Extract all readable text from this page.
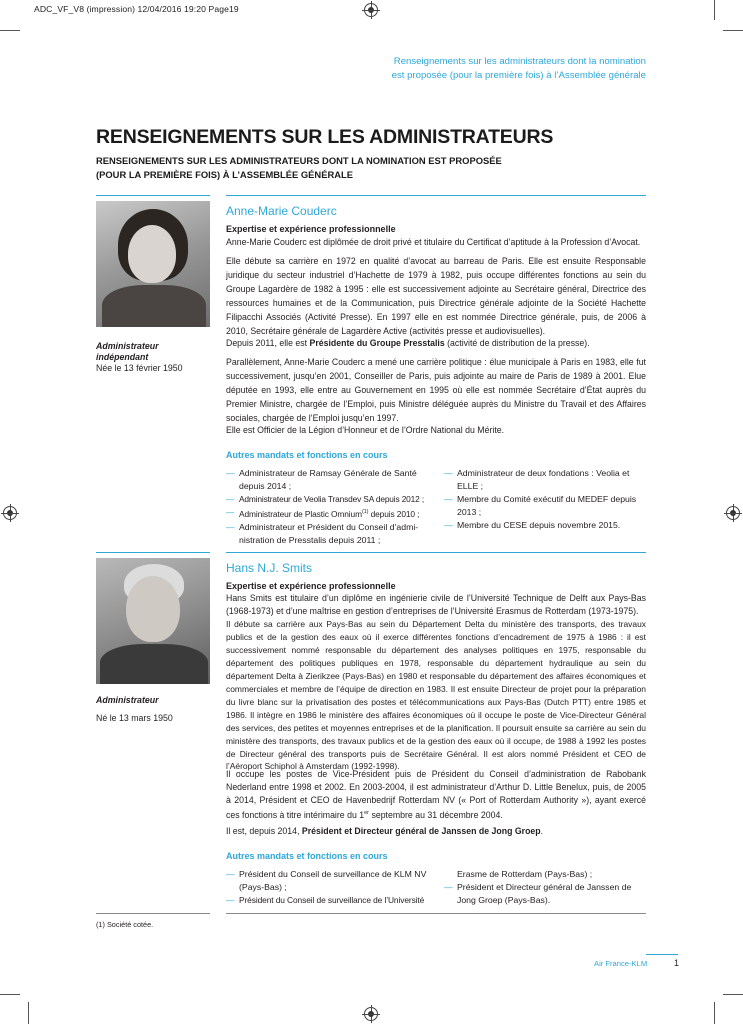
ADC_VF_V8 (impression) 12/04/2016 19:20 Page19
Renseignements sur les administrateurs dont la nomination
est proposée (pour la première fois) à l’Assemblée générale
RENSEIGNEMENTS SUR LES ADMINISTRATEURS
RENSEIGNEMENTS SUR LES ADMINISTRATEURS DONT LA NOMINATION EST PROPOSÉE
(POUR LA PREMIÈRE FOIS) À L’ASSEMBLÉE GÉNÉRALE
Administrateur
indépendant
Née le 13 février 1950
Anne-Marie Couderc
Expertise et expérience professionnelle
Anne-Marie Couderc est diplômée de droit privé et titulaire du Certificat d’aptitude à la Profession d’Avocat.
Elle débute sa carrière en 1972 en qualité d’avocat au barreau de Paris. Elle est ensuite Responsable juridique du secteur industriel d’Hachette de 1979 à 1982, puis occupe différentes fonctions au sein du Groupe Lagardère de 1982 à 1995 : elle est successivement adjointe au Secrétaire général, Directrice des ressources humaines et de la Communication, puis Directrice générale adjointe de la Société Hachette Filipacchi Associés (Activité Presse). En 1997 elle en est nommée Directrice générale, puis, de 2006 à 2010, Secrétaire générale de Lagardère Active (activités presse et audiovisuelles).
Depuis 2011, elle est Présidente du Groupe Presstalis (activité de distribution de la presse).
Parallèlement, Anne-Marie Couderc a mené une carrière politique : élue municipale à Paris en 1983, elle fut successivement, jusqu’en 2001, Conseiller de Paris, puis adjointe au maire de Paris de 1989 à 2001. Elue députée en 1993, elle entre au Gouvernement en 1995 où elle est nommée Secrétaire d’État auprès du Premier Ministre, chargée de l’Emploi, puis Ministre déléguée auprès du Ministre du Travail et des Affaires sociales, chargée de l’Emploi jusqu’en 1997.
Elle est Officier de la Légion d’Honneur et de l’Ordre National du Mérite.
Autres mandats et fonctions en cours
— Administrateur de Ramsay Générale de Santé
depuis 2014 ;
— Administrateur de Veolia Transdev SA depuis 2012 ;
— Administrateur de Plastic Omnium$^{(1)}$ depuis 2010 ;
— Administrateur et Président du Conseil d’admi-
nistration de Presstalis depuis 2011 ;
— Administrateur de deux fondations : Veolia et
ELLE ;
— Membre du Comité exécutif du MEDEF depuis
2013 ;
— Membre du CESE depuis novembre 2015.
Administrateur
Né le 13 mars 1950
Hans N.J. Smits
Expertise et expérience professionnelle
Hans Smits est titulaire d’un diplôme en ingénierie civile de l’Université Technique de Delft aux Pays-Bas (1968-1973) et d’une maîtrise en gestion d’entreprises de l’Université Erasmus de Rotterdam (1973-1975).
Il débute sa carrière aux Pays-Bas au sein du Département Delta du ministère des transports, des travaux publics et de la gestion des eaux où il exerce différentes fonctions d’encadrement de 1975 à 1986 : il est successivement nommé responsable du département des analyses politiques en 1975, responsable du département des politiques publiques en 1978, responsable du département hydraulique au sein du département Delta à Zierikzee (Pays-Bas) en 1980 et responsable du département des affaires économiques et commerciales et membre de l’équipe de direction en 1983. Il est ensuite Directeur de projet pour la préparation du livre blanc sur la privatisation des postes et télécommunications aux Pays-Bas (Dutch PTT) entre 1985 et 1986. Il intègre en 1986 le ministère des affaires économiques où il occupe le poste de Vice-Directeur Général des services, des petites et moyennes entreprises et de la planification. Il poursuit ensuite sa carrière au sein du ministère des transports, des travaux publics et de la gestion des eaux où il occupe, de 1988 à 1992 les postes de Directeur général des transports puis de Secrétaire Général. Il est alors nommé Président et CEO de l’Aéroport Schiphol à Amsterdam (1992-1998).
Il occupe les postes de Vice-Président puis de Président du Conseil d’administration de Rabobank Nederland entre 1998 et 2002. En 2003-2004, il est administrateur d’Arthur D. Little Benelux, puis, de 2005 à 2014, Président et CEO de Havenbedrijf Rotterdam NV (« Port of Rotterdam Authority »), ayant exercé ces fonctions à titre intérimaire du 1er septembre au 31 décembre 2004.
Il est, depuis 2014, Président et Directeur général de Janssen de Jong Groep.
Autres mandats et fonctions en cours
— Président du Conseil de surveillance de KLM NV
(Pays-Bas) ;
— Président du Conseil de surveillance de l’Université
Erasme de Rotterdam (Pays-Bas) ;
— Président et Directeur général de Janssen de
Jong Groep (Pays-Bas).
(1) Société cotée.
Air France-KLM	1
